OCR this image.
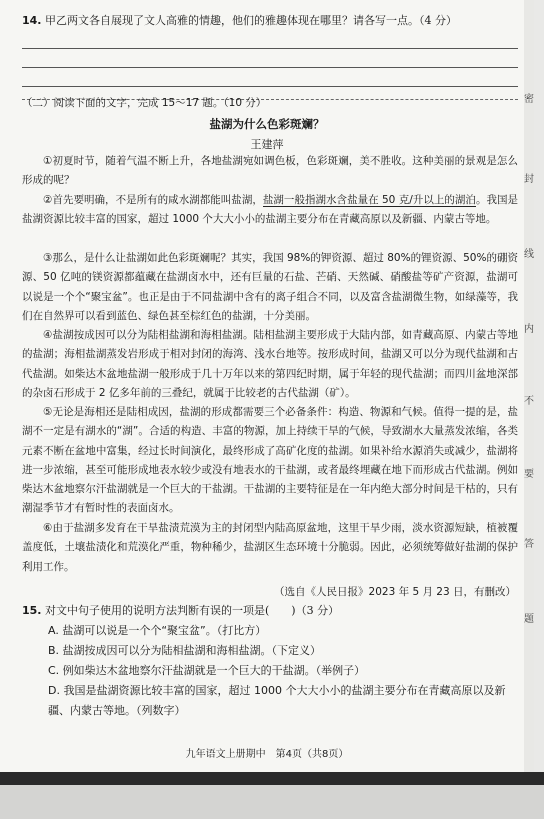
14. 甲乙两文各自展现了文人高雅的情趣，他们的雅趣体现在哪里？请各写一点。（4 分）
（二）阅读下面的文字，完成 15～17 题。（10 分）
盐湖为什么色彩斑斓？
王建萍
①初夏时节，随着气温不断上升，各地盐湖宛如调色板，色彩斑斓，美不胜收。这种美丽的景观是怎么形成的呢？
②首先要明确，不是所有的咸水湖都能叫盐湖，盐湖一般指湖水含盐量在 50 克/升以上的湖泊。我国是盐湖资源比较丰富的国家，超过 1000 个大大小小的盐湖主要分布在青藏高原以及新疆、内蒙古等地。
③那么，是什么让盐湖如此色彩斑斓呢？其实，我国 98%的钾资源、超过 80%的锂资源、50%的硼资源、50 亿吨的镁资源都蕴藏在盐湖卤水中，还有巨量的石盐、芒硝、天然碱、硝酸盐等矿产资源，盐湖可以说是一个个“聚宝盆”。也正是由于不同盐湖中含有的离子组合不同，以及富含盐湖微生物，如绿藻等，我们在自然界可以看到蓝色、绿色甚至棕红色的盐湖，十分美丽。
④盐湖按成因可以分为陆相盐湖和海相盐湖。陆相盐湖主要形成于大陆内部，如青藏高原、内蒙古等地的盐湖；海相盐湖蒸发岩形成于相对封闭的海湾、浅水台地等。按形成时间，盐湖又可以分为现代盐湖和古代盐湖。如柴达木盆地盐湖一般形成于几十万年以来的第四纪时期，属于年轻的现代盐湖；而四川盆地深部的杂卤石形成于 2 亿多年前的三叠纪，就属于比较老的古代盐湖（矿）。
⑤无论是海相还是陆相成因，盐湖的形成都需要三个必备条件：构造、物源和气候。值得一提的是，盐湖不一定是有湖水的“湖”。合适的构造、丰富的物源，加上持续干旱的气候，导致湖水大量蒸发浓缩，各类元素不断在盆地中富集，经过长时间演化，最终形成了高矿化度的盐湖。如果补给水源消失或减少，盐湖将进一步浓缩，甚至可能形成地表水较少或没有地表水的干盐湖，或者最终埋藏在地下而形成古代盐湖。例如柴达木盆地察尔汗盐湖就是一个巨大的干盐湖。干盐湖的主要特征是在一年内绝大部分时间是干枯的，只有潮湿季节才有暂时性的表面卤水。
⑥由于盐湖多发育在干旱盐渍荒漠为主的封闭型内陆高原盆地，这里干旱少雨，淡水资源短缺，植被覆盖度低，土壤盐渍化和荒漠化严重，物种稀少，盐湖区生态环境十分脆弱。因此，必须统筹做好盐湖的保护利用工作。
（选自《人民日报》2023 年 5 月 23 日，有删改）
15. 对文中句子使用的说明方法判断有误的一项是(　　)（3 分）
A. 盐湖可以说是一个个“聚宝盆”。（打比方）
B. 盐湖按成因可以分为陆相盐湖和海相盐湖。（下定义）
C. 例如柴达木盆地察尔汗盐湖就是一个巨大的干盐湖。（举例子）
D. 我国是盐湖资源比较丰富的国家，超过 1000 个大大小小的盐湖主要分布在青藏高原以及新疆、内蒙古等地。（列数字）
九年语文上册期中　第4页（共8页）
密
封
线
内
不
要
答
题
